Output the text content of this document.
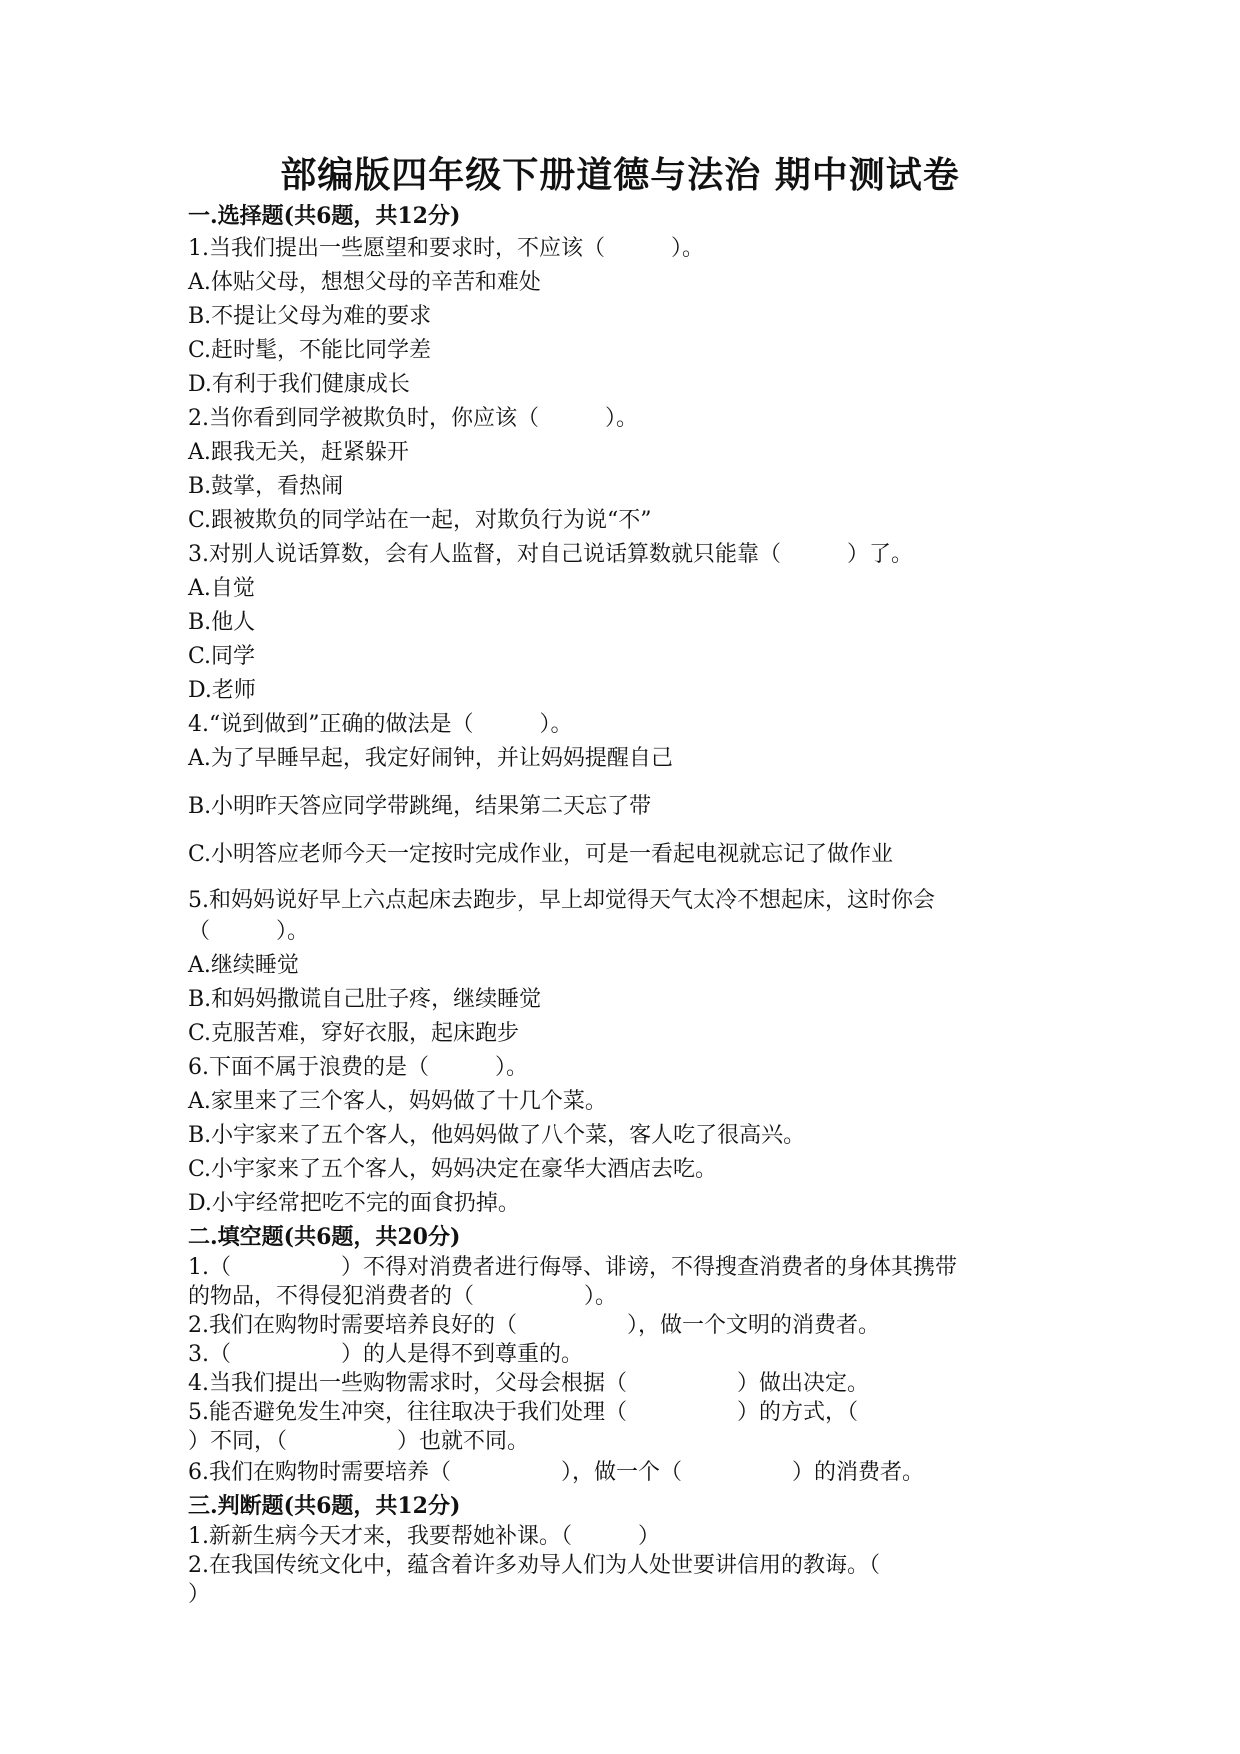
部编版四年级下册道德与法治 期中测试卷

一.选择题(共6题，共12分)

1.当我们提出一些愿望和要求时，不应该（　　　）。

A.体贴父母，想想父母的辛苦和难处

B.不提让父母为难的要求

C.赶时髦，不能比同学差

D.有利于我们健康成长

2.当你看到同学被欺负时，你应该（　　　）。

A.跟我无关，赶紧躲开

B.鼓掌，看热闹

C.跟被欺负的同学站在一起，对欺负行为说“不”

3.对别人说话算数，会有人监督，对自己说话算数就只能靠（　　　）了。

A.自觉

B.他人

C.同学

D.老师

4.“说到做到”正确的做法是（　　　）。

A.为了早睡早起，我定好闹钟，并让妈妈提醒自己

B.小明昨天答应同学带跳绳，结果第二天忘了带

C.小明答应老师今天一定按时完成作业，可是一看起电视就忘记了做作业

5.和妈妈说好早上六点起床去跑步，早上却觉得天气太冷不想起床，这时你会

（　　　）。

A.继续睡觉

B.和妈妈撒谎自己肚子疼，继续睡觉

C.克服苦难，穿好衣服，起床跑步

6.下面不属于浪费的是（　　　）。

A.家里来了三个客人，妈妈做了十几个菜。

B.小宇家来了五个客人，他妈妈做了八个菜，客人吃了很高兴。

C.小宇家来了五个客人，妈妈决定在豪华大酒店去吃。

D.小宇经常把吃不完的面食扔掉。

二.填空题(共6题，共20分)

1.（　　　　　）不得对消费者进行侮辱、诽谤，不得搜查消费者的身体其携带

的物品，不得侵犯消费者的（　　　　　）。

2.我们在购物时需要培养良好的（　　　　　），做一个文明的消费者。

3.（　　　　　）的人是得不到尊重的。

4.当我们提出一些购物需求时，父母会根据（　　　　　）做出决定。

5.能否避免发生冲突，往往取决于我们处理（　　　　　）的方式，（

）不同，（　　　　　）也就不同。

6.我们在购物时需要培养（　　　　　），做一个（　　　　　）的消费者。

三.判断题(共6题，共12分)

1.新新生病今天才来，我要帮她补课。（　　　）

2.在我国传统文化中，蕴含着许多劝导人们为人处世要讲信用的教诲。（

）
